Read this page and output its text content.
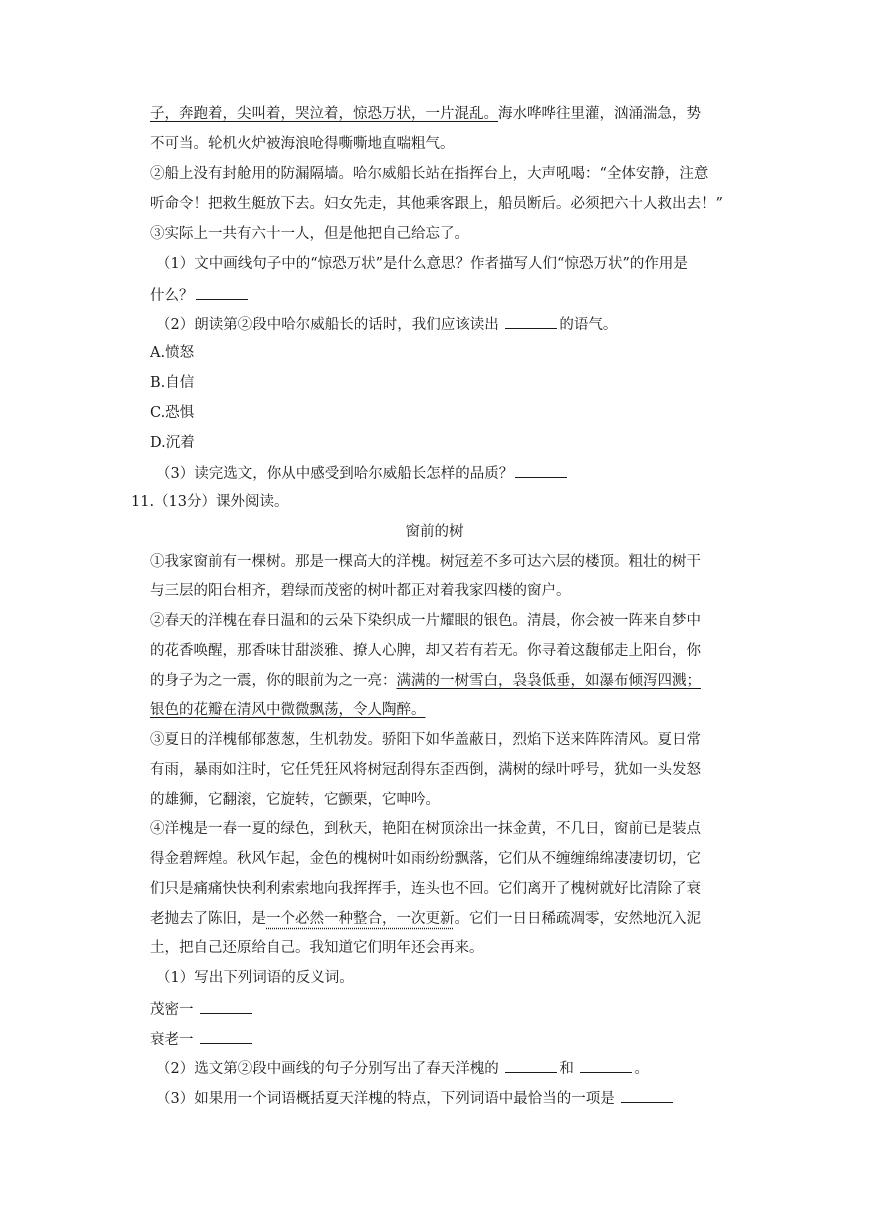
子，奔跑着，尖叫着，哭泣着，惊恐万状，一片混乱。海水哗哗往里灌，汹涌湍急，势
不可当。轮机火炉被海浪呛得嘶嘶地直喘粗气。
②船上没有封舱用的防漏隔墙。哈尔威船长站在指挥台上，大声吼喝：“全体安静，注意
听命令！把救生艇放下去。妇女先走，其他乘客跟上，船员断后。必须把六十人救出去！”
③实际上一共有六十一人，但是他把自己给忘了。
（1）文中画线句子中的“惊恐万状”是什么意思？作者描写人们“惊恐万状”的作用是
什么？
（2）朗读第②段中哈尔威船长的话时，我们应该读出	的语气。
A.愤怒
B.自信
C.恐惧
D.沉着
（3）读完选文，你从中感受到哈尔威船长怎样的品质？
11.（13分）课外阅读。
窗前的树
①我家窗前有一棵树。那是一棵高大的洋槐。树冠差不多可达六层的楼顶。粗壮的树干
与三层的阳台相齐，碧绿而茂密的树叶都正对着我家四楼的窗户。
②春天的洋槐在春日温和的云朵下染织成一片耀眼的银色。清晨，你会被一阵来自梦中
的花香唤醒，那香味甘甜淡雅、撩人心脾，却又若有若无。你寻着这馥郁走上阳台，你
的身子为之一震，你的眼前为之一亮：满满的一树雪白，袅袅低垂，如瀑布倾泻四溅；
银色的花瓣在清风中微微飘荡，令人陶醉。
③夏日的洋槐郁郁葱葱，生机勃发。骄阳下如华盖蔽日，烈焰下送来阵阵清风。夏日常
有雨，暴雨如注时，它任凭狂风将树冠刮得东歪西倒，满树的绿叶呼号，犹如一头发怒
的雄狮，它翻滚，它旋转，它颤栗，它呻吟。
④洋槐是一春一夏的绿色，到秋天，艳阳在树顶涂出一抹金黄，不几日，窗前已是装点
得金碧辉煌。秋风乍起，金色的槐树叶如雨纷纷飘落，它们从不缠缠绵绵凄凄切切，它
们只是痛痛快快利利索索地向我挥挥手，连头也不回。它们离开了槐树就好比清除了衰
老抛去了陈旧，是一个必然一种整合，一次更新。它们一日日稀疏凋零，安然地沉入泥
土，把自己还原给自己。我知道它们明年还会再来。
（1）写出下列词语的反义词。
茂密一
衰老一
（2）选文第②段中画线的句子分别写出了春天洋槐的	和	。
（3）如果用一个词语概括夏天洋槐的特点，下列词语中最恰当的一项是
